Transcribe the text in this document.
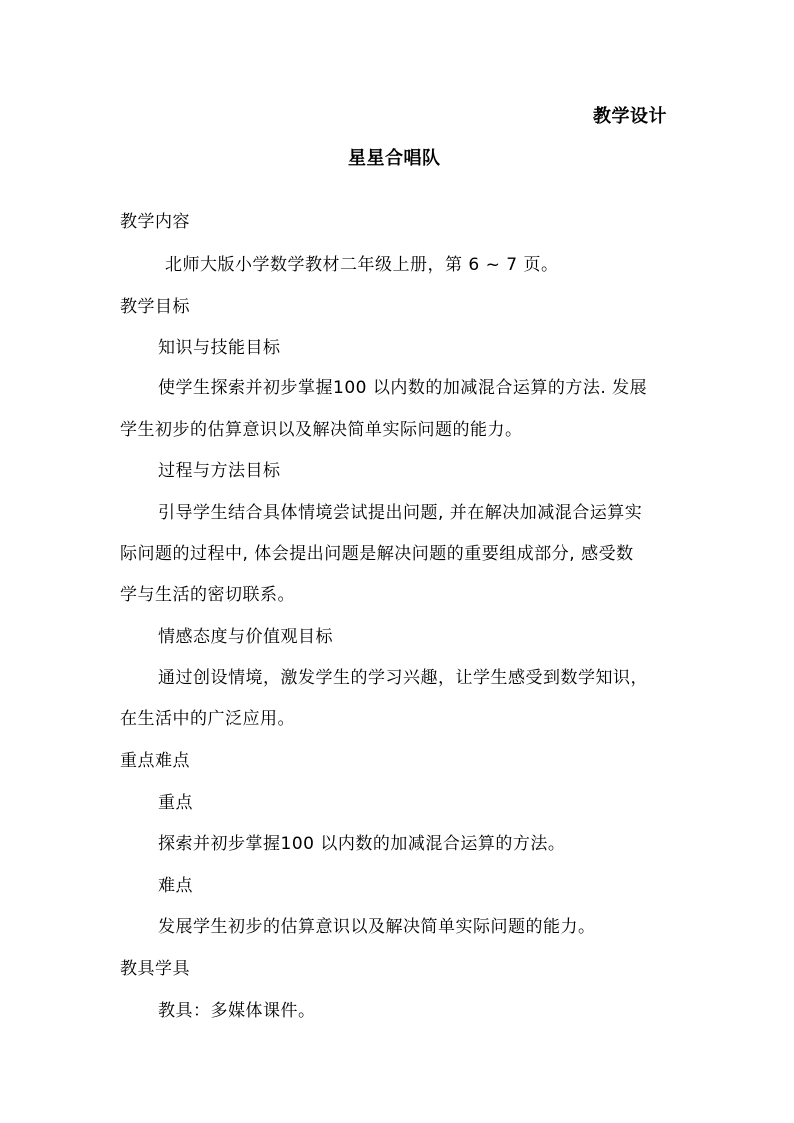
教学设计
星星合唱队
教学内容
北师大版小学数学教材二年级上册，第 6 ~ 7 页。
教学目标
知识与技能目标
使学生探索并初步掌握100 以内数的加减混合运算的方法. 发展
学生初步的估算意识以及解决简单实际问题的能力。
过程与方法目标
引导学生结合具体情境尝试提出问题, 并在解决加减混合运算实
际问题的过程中, 体会提出问题是解决问题的重要组成部分, 感受数
学与生活的密切联系。
情感态度与价值观目标
通过创设情境，激发学生的学习兴趣，让学生感受到数学知识，
在生活中的广泛应用。
重点难点
重点
探索并初步掌握100 以内数的加减混合运算的方法。
难点
发展学生初步的估算意识以及解决简单实际问题的能力。
教具学具
教具：多媒体课件。
